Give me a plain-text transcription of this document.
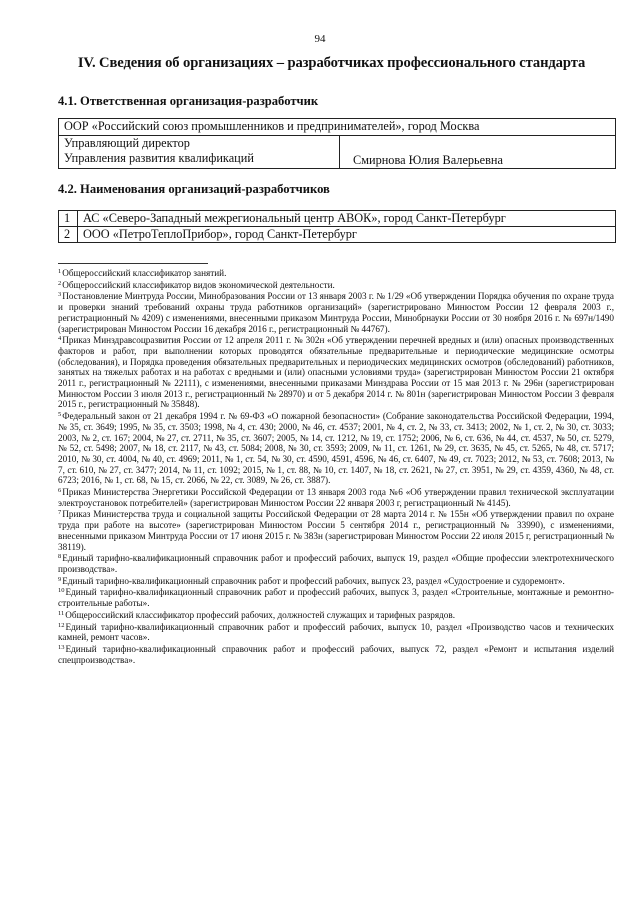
94
IV. Сведения об организациях – разработчиках профессионального стандарта
4.1. Ответственная организация-разработчик
ООР «Российский союз промышленников и предпринимателей», город Москва

Управляющий директор
Управления развития квалификаций	Смирнова Юлия Валерьевна
4.2. Наименования организаций-разработчиков
1	АС «Северо-Западный межрегиональный центр АВОК», город Санкт-Петербург
2	ООО «ПетроТеплоПрибор», город Санкт-Петербург

$^1$Общероссийский классификатор занятий.

$^2$Общероссийский классификатор видов экономической деятельности.

$^3$Постановление Минтруда России, Минобразования России от 13 января 2003 г. № 1/29 «Об утверждении Порядка обучения по охране труда и проверки знаний требований охраны труда работников организаций» (зарегистрировано Минюстом России 12 февраля 2003 г., регистрационный № 4209) с изменениями, внесенными приказом Минтруда России, Минобрнауки России от 30 ноября 2016 г. № 697н/1490 (зарегистрирован Минюстом России 16 декабря 2016 г., регистрационный № 44767).

$^4$Приказ Минздравсоцразвития России от 12 апреля 2011 г. № 302н «Об утверждении перечней вредных и (или) опасных производственных факторов и работ, при выполнении которых проводятся обязательные предварительные и периодические медицинские осмотры (обследования), и Порядка проведения обязательных предварительных и периодических медицинских осмотров (обследований) работников, занятых на тяжелых работах и на работах с вредными и (или) опасными условиями труда» (зарегистрирован Минюстом России 21 октября 2011 г., регистрационный № 22111), с изменениями, внесенными приказами Минздрава России от 15 мая 2013 г. № 296н (зарегистрирован Минюстом России 3 июля 2013 г., регистрационный № 28970) и от 5 декабря 2014 г. № 801н (зарегистрирован Минюстом России 3 февраля 2015 г., регистрационный № 35848).

$^5$Федеральный закон от 21 декабря 1994 г. № 69-ФЗ «О пожарной безопасности» (Собрание законодательства Российской Федерации, 1994, № 35, ст. 3649; 1995, № 35, ст. 3503; 1998, № 4, ст. 430; 2000, № 46, ст. 4537; 2001, № 4, ст. 2, № 33, ст. 3413; 2002, № 1, ст. 2, № 30, ст. 3033; 2003, № 2, ст. 167; 2004, № 27, ст. 2711, № 35, ст. 3607; 2005, № 14, ст. 1212, № 19, ст. 1752; 2006, № 6, ст. 636, № 44, ст. 4537, № 50, ст. 5279, № 52, ст. 5498; 2007, № 18, ст. 2117, № 43, ст. 5084; 2008, № 30, ст. 3593; 2009, № 11, ст. 1261, № 29, ст. 3635, № 45, ст. 5265, № 48, ст. 5717; 2010, № 30, ст. 4004, № 40, ст. 4969; 2011, № 1, ст. 54, № 30, ст. 4590, 4591, 4596, № 46, ст. 6407, № 49, ст. 7023; 2012, № 53, ст. 7608; 2013, № 7, ст. 610, № 27, ст. 3477; 2014, № 11, ст. 1092; 2015, № 1, ст. 88, № 10, ст. 1407, № 18, ст. 2621, № 27, ст. 3951, № 29, ст. 4359, 4360, № 48, ст. 6723; 2016, № 1, ст. 68, № 15, ст. 2066, № 22, ст. 3089, № 26, ст. 3887).

$^6$Приказ Министерства Энергетики Российской Федерации от 13 января 2003 года №6 «Об утверждении правил технической эксплуатации электроустановок потребителей» (зарегистрирован Минюстом России 22 января 2003 г, регистрационный № 4145).

$^7$Приказ Министерства труда и социальной защиты Российской Федерации от 28 марта 2014 г. № 155н «Об утверждении правил по охране труда при работе на высоте» (зарегистрирован Минюстом России 5 сентября 2014 г., регистрационный № 33990), с изменениями, внесенными приказом Минтруда России от 17 июня 2015 г. № 383н (зарегистрирован Минюстом России 22 июля 2015 г, регистрационный № 38119).

$^8$Единый тарифно-квалификационный справочник работ и профессий рабочих, выпуск 19, раздел «Общие профессии электротехнического производства».

$^9$Единый тарифно-квалификационный справочник работ и профессий рабочих, выпуск 23, раздел «Судостроение и судоремонт».

$^{10}$Единый тарифно-квалификационный справочник работ и профессий рабочих, выпуск 3, раздел «Строительные, монтажные и ремонтно-строительные работы».

$^{11}$Общероссийский классификатор профессий рабочих, должностей служащих и тарифных разрядов.

$^{12}$Единый тарифно-квалификационный справочник работ и профессий рабочих, выпуск 10, раздел «Производство часов и технических камней, ремонт часов».

$^{13}$Единый тарифно-квалификационный справочник работ и профессий рабочих, выпуск 72, раздел «Ремонт и испытания изделий спецпроизводства».
